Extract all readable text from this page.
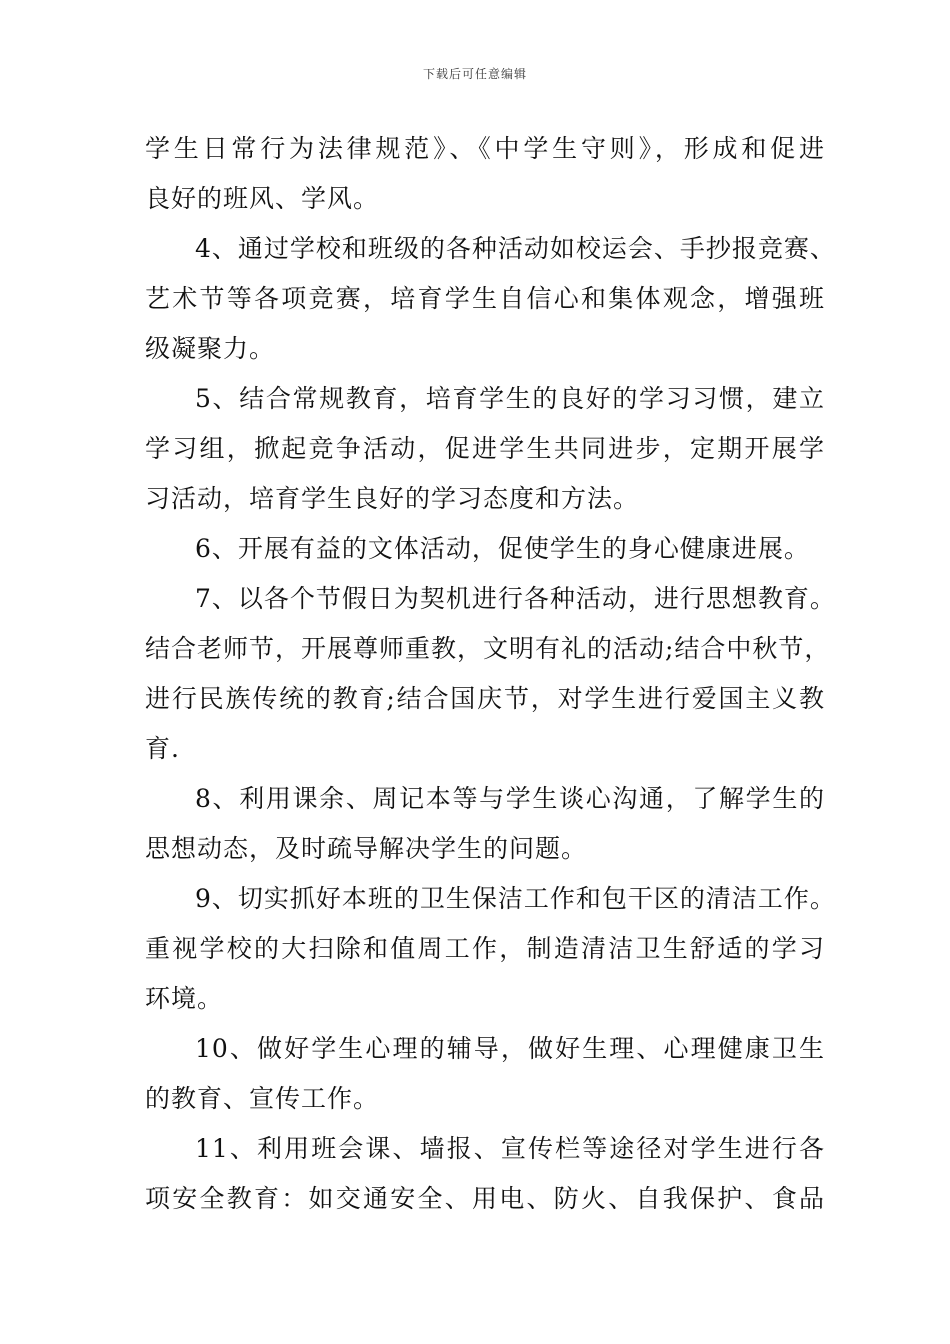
下载后可任意编辑
学生日常行为法律规范》、《中学生守则》，形成和促进
良好的班风、学风。
4、通过学校和班级的各种活动如校运会、手抄报竞赛、
艺术节等各项竞赛，培育学生自信心和集体观念，增强班
级凝聚力。
5、结合常规教育，培育学生的良好的学习习惯，建立
学习组，掀起竞争活动，促进学生共同进步，定期开展学
习活动，培育学生良好的学习态度和方法。
6、开展有益的文体活动，促使学生的身心健康进展。
7、以各个节假日为契机进行各种活动，进行思想教育。
结合老师节，开展尊师重教，文明有礼的活动;结合中秋节，
进行民族传统的教育;结合国庆节，对学生进行爱国主义教
育.
8、利用课余、周记本等与学生谈心沟通，了解学生的
思想动态，及时疏导解决学生的问题。
9、切实抓好本班的卫生保洁工作和包干区的清洁工作。
重视学校的大扫除和值周工作，制造清洁卫生舒适的学习
环境。
10、做好学生心理的辅导，做好生理、心理健康卫生
的教育、宣传工作。
11、利用班会课、墙报、宣传栏等途径对学生进行各
项安全教育：如交通安全、用电、防火、自我保护、食品
